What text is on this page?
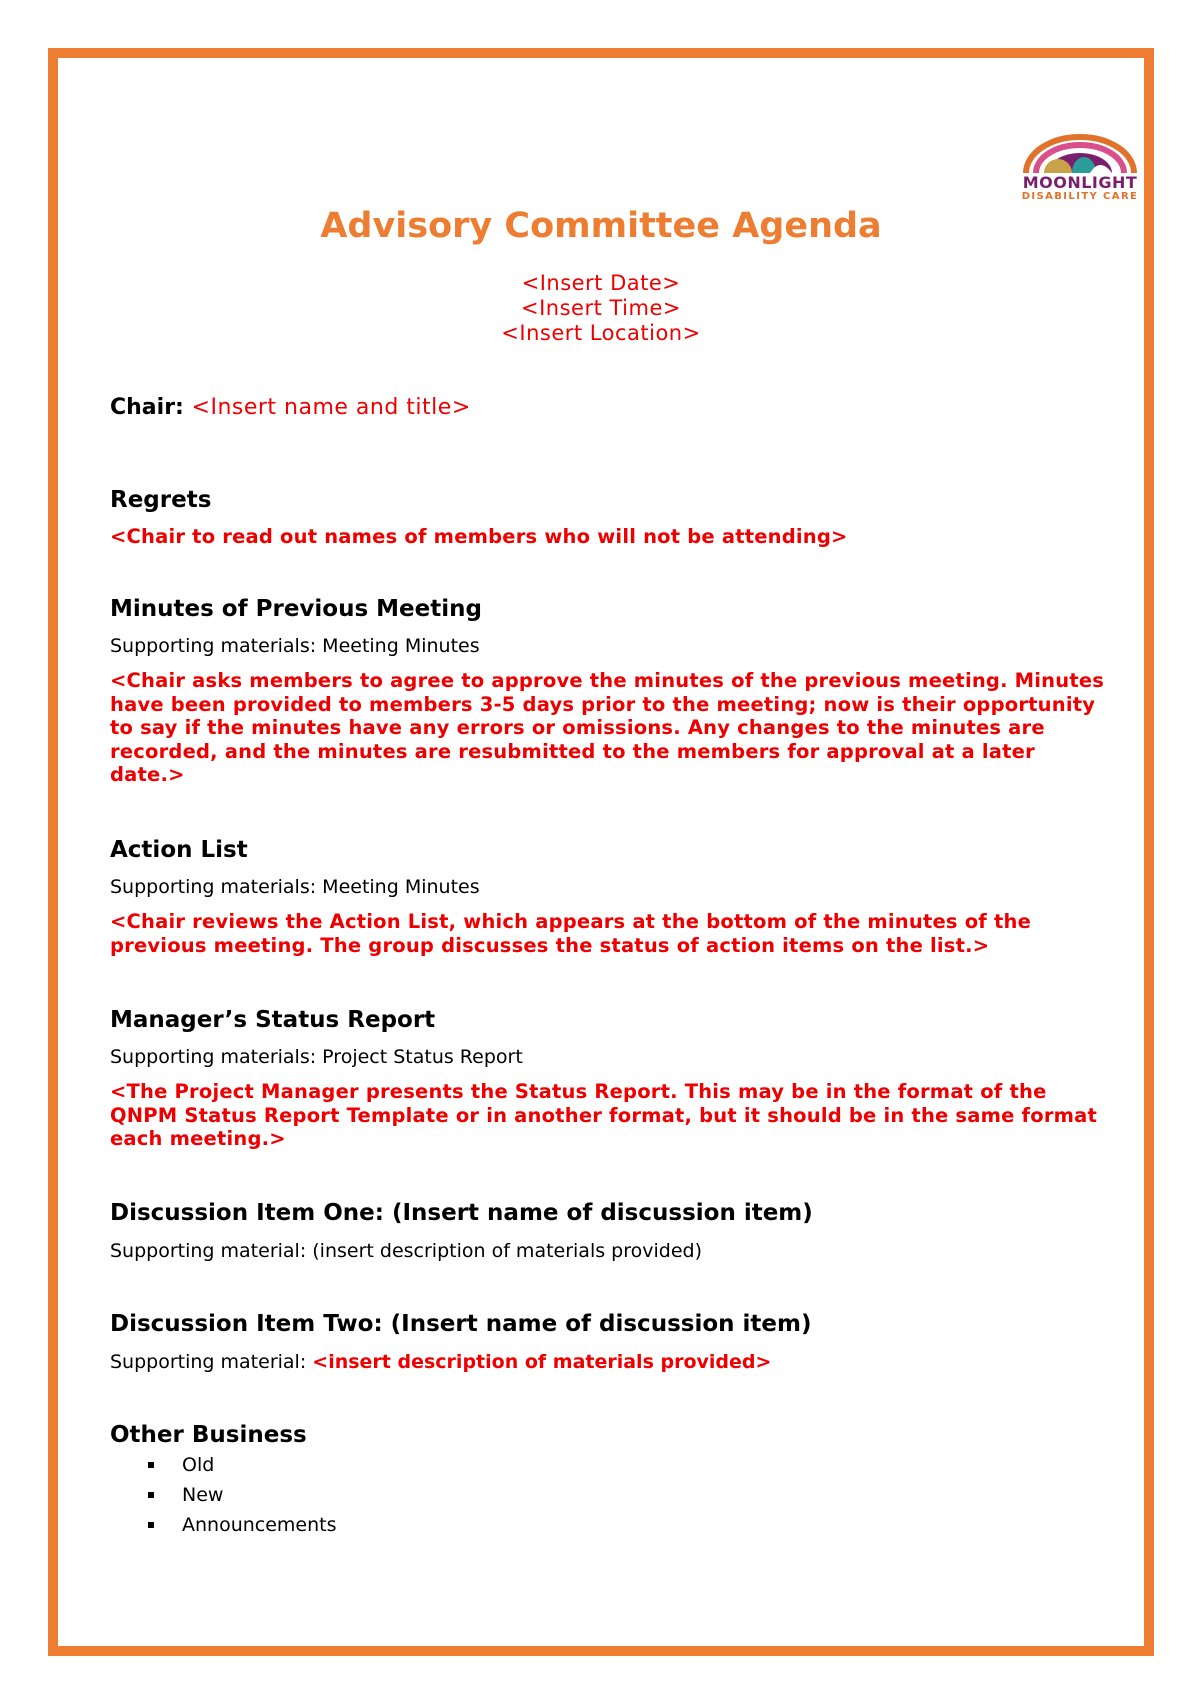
MOONLIGHT
DISABILITY CARE
Advisory Committee Agenda
<Insert Date>
<Insert Time>
<Insert Location>

Chair: <Insert name and title>

Regrets

<Chair to read out names of members who will not be attending>

Minutes of Previous Meeting

Supporting materials: Meeting Minutes

<Chair asks members to agree to approve the minutes of the previous meeting. Minutes have been provided to members 3-5 days prior to the meeting; now is their opportunity to say if the minutes have any errors or omissions. Any changes to the minutes are recorded, and the minutes are resubmitted to the members for approval at a later date.>

Action List

Supporting materials: Meeting Minutes

<Chair reviews the Action List, which appears at the bottom of the minutes of the previous meeting. The group discusses the status of action items on the list.>

Manager’s Status Report

Supporting materials: Project Status Report

<The Project Manager presents the Status Report. This may be in the format of the QNPM Status Report Template or in another format, but it should be in the same format each meeting.>

Discussion Item One: (Insert name of discussion item)

Supporting material: (insert description of materials provided)

Discussion Item Two: (Insert name of discussion item)

Supporting material: <insert description of materials provided>

Other Business

Old
New
Announcements
